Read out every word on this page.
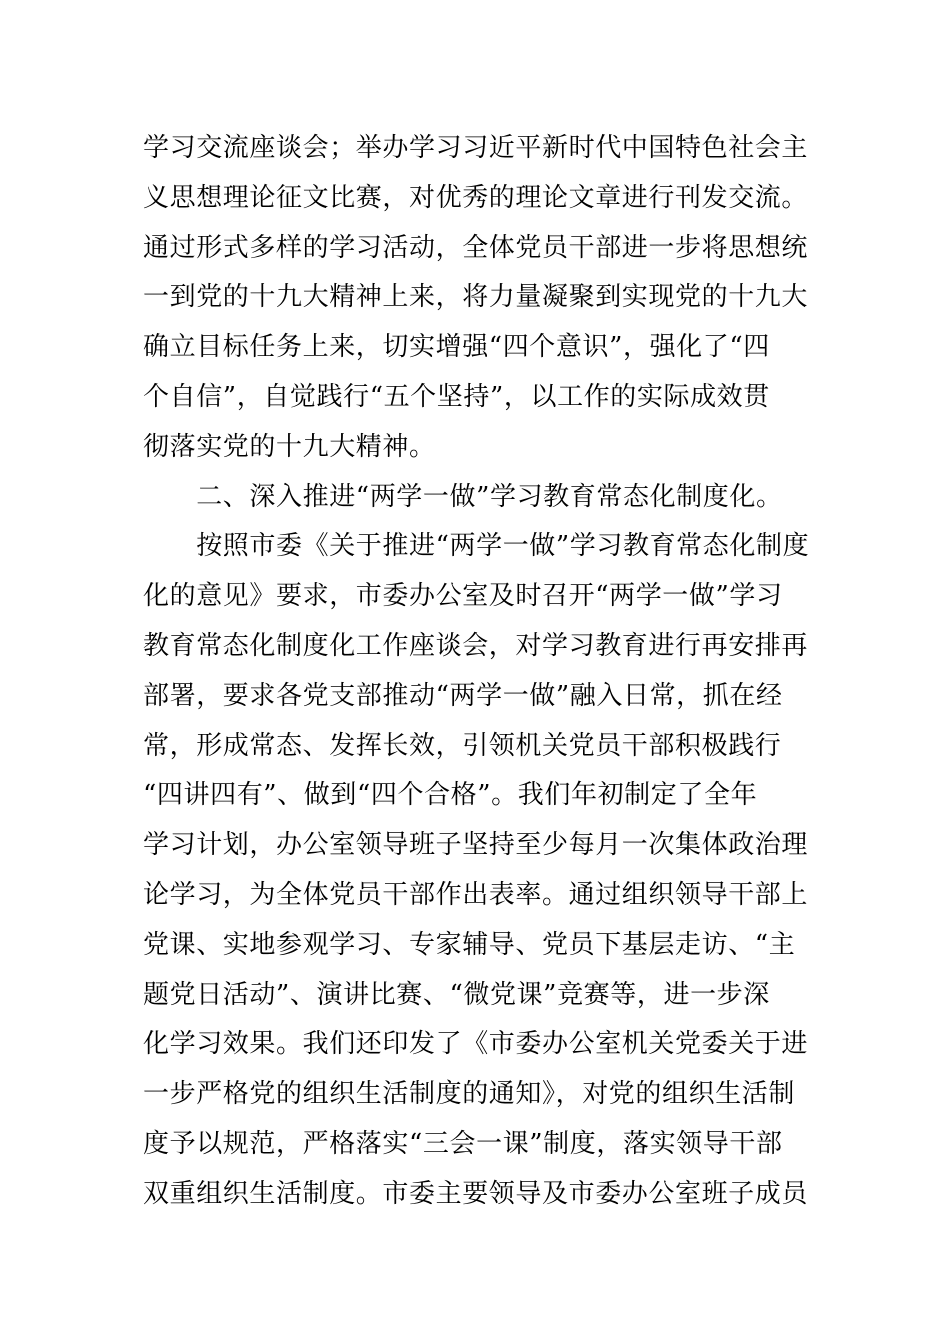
学习交流座谈会；举办学习习近平新时代中国特色社会主
义思想理论征文比赛，对优秀的理论文章进行刊发交流。
通过形式多样的学习活动，全体党员干部进一步将思想统
一到党的十九大精神上来，将力量凝聚到实现党的十九大
确立目标任务上来，切实增强“四个意识”，强化了“四
个自信”，自觉践行“五个坚持”，以工作的实际成效贯
彻落实党的十九大精神。
　　二、深入推进“两学一做”学习教育常态化制度化。
　　按照市委《关于推进“两学一做”学习教育常态化制度
化的意见》要求，市委办公室及时召开“两学一做”学习
教育常态化制度化工作座谈会，对学习教育进行再安排再
部署，要求各党支部推动“两学一做”融入日常，抓在经
常，形成常态、发挥长效，引领机关党员干部积极践行
“四讲四有”、做到“四个合格”。我们年初制定了全年
学习计划，办公室领导班子坚持至少每月一次集体政治理
论学习，为全体党员干部作出表率。通过组织领导干部上
党课、实地参观学习、专家辅导、党员下基层走访、“主
题党日活动”、演讲比赛、“微党课”竞赛等，进一步深
化学习效果。我们还印发了《市委办公室机关党委关于进
一步严格党的组织生活制度的通知》，对党的组织生活制
度予以规范，严格落实“三会一课”制度，落实领导干部
双重组织生活制度。市委主要领导及市委办公室班子成员
